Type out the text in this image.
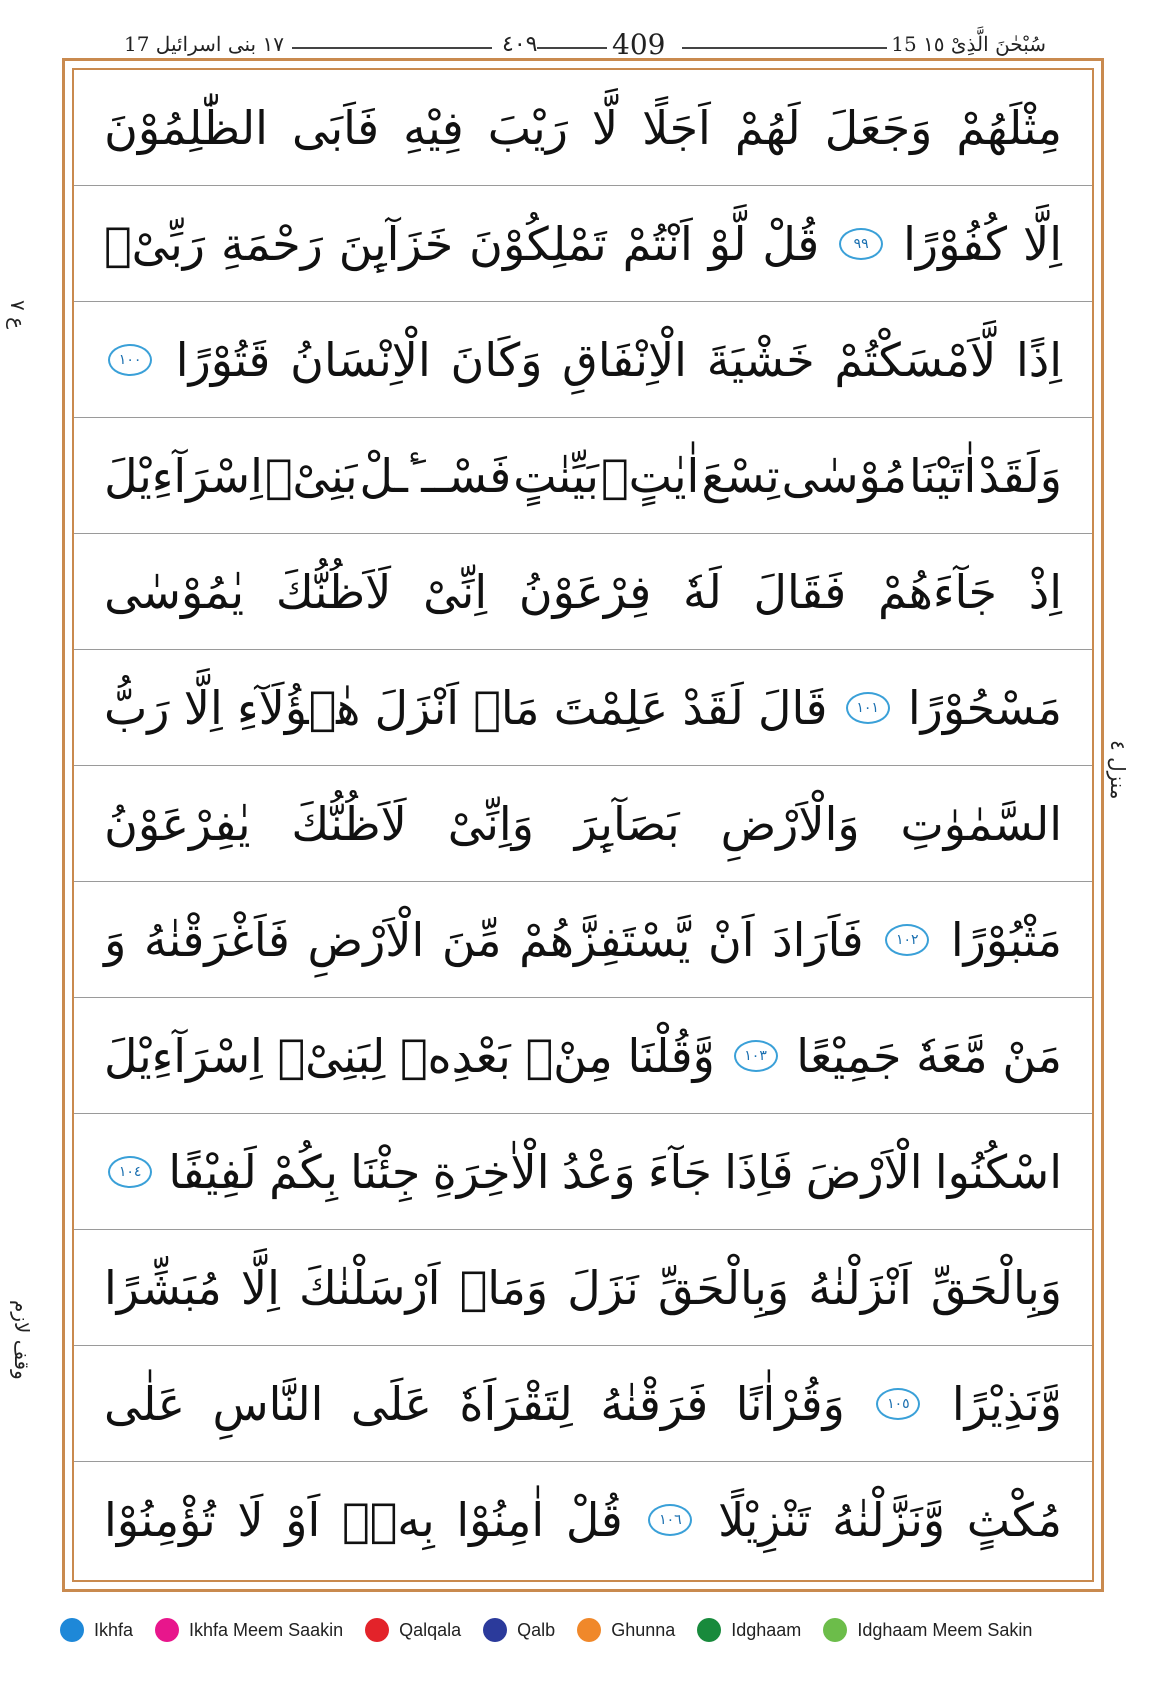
١٧ بنی اسرائیل 17	٤٠٩	409	15 سُبْحٰنَ الَّذِیْ ١٥
مِثْلَهُمْ
وَجَعَلَ
لَهُمْ
اَجَلًا
لَّا
رَیْبَ
فِیْهِ
فَاَبَی
الظّٰلِمُوْنَ
اِلَّا
كُفُوْرًا
٩٩
قُلْ
لَّوْ
اَنْتُمْ
تَمْلِكُوْنَ
خَزَآىِٕنَ
رَحْمَةِ
رَبِّیْۤ
اِذًا
لَّاَمْسَكْتُمْ
خَشْیَةَ
الْاِنْفَاقِ
وَكَانَ
الْاِنْسَانُ
قَتُوْرًا
١٠٠
وَلَقَدْ
اٰتَیْنَا
مُوْسٰی
تِسْعَ
اٰیٰتٍۭ
بَیِّنٰتٍ
فَسْــٴَـلْ
بَنِیْۤ
اِسْرَآءِیْلَ
اِذْ
جَآءَهُمْ
فَقَالَ
لَهٗ
فِرْعَوْنُ
اِنِّیْ
لَاَظُنُّكَ
یٰمُوْسٰی
مَسْحُوْرًا
١٠١
قَالَ
لَقَدْ
عَلِمْتَ
مَاۤ
اَنْزَلَ
هٰۤؤُلَآءِ
اِلَّا
رَبُّ
السَّمٰوٰتِ
وَالْاَرْضِ
بَصَآىِٕرَ
وَاِنِّیْ
لَاَظُنُّكَ
یٰفِرْعَوْنُ
مَثْبُوْرًا
١٠٢
فَاَرَادَ
اَنْ
یَّسْتَفِزَّهُمْ
مِّنَ
الْاَرْضِ
فَاَغْرَقْنٰهُ
وَ
مَنْ
مَّعَهٗ
جَمِیْعًا
١٠٣
وَّقُلْنَا
مِنْۢ
بَعْدِهٖ
لِبَنِیْۤ
اِسْرَآءِیْلَ
اسْكُنُوا
الْاَرْضَ
فَاِذَا
جَآءَ
وَعْدُ
الْاٰخِرَةِ
جِئْنَا
بِكُمْ
لَفِیْفًا
١٠٤
وَبِالْحَقِّ
اَنْزَلْنٰهُ
وَبِالْحَقِّ
نَزَلَ
وَمَاۤ
اَرْسَلْنٰكَ
اِلَّا
مُبَشِّرًا
وَّنَذِیْرًا
١٠٥
وَقُرْاٰنًا
فَرَقْنٰهُ
لِتَقْرَاَهٗ
عَلَی
النَّاسِ
عَلٰی
مُكْثٍ
وَّنَزَّلْنٰهُ
تَنْزِیْلًا
١٠٦
قُلْ
اٰمِنُوْا
بِهٖۤ
اَوْ
لَا
تُؤْمِنُوْا
ع ٧
منزل ٤
وقف لازم
Ikhfa	Ikhfa Meem Saakin	Qalqala	Qalb	Ghunna	Idghaam	Idghaam Meem Sakin
